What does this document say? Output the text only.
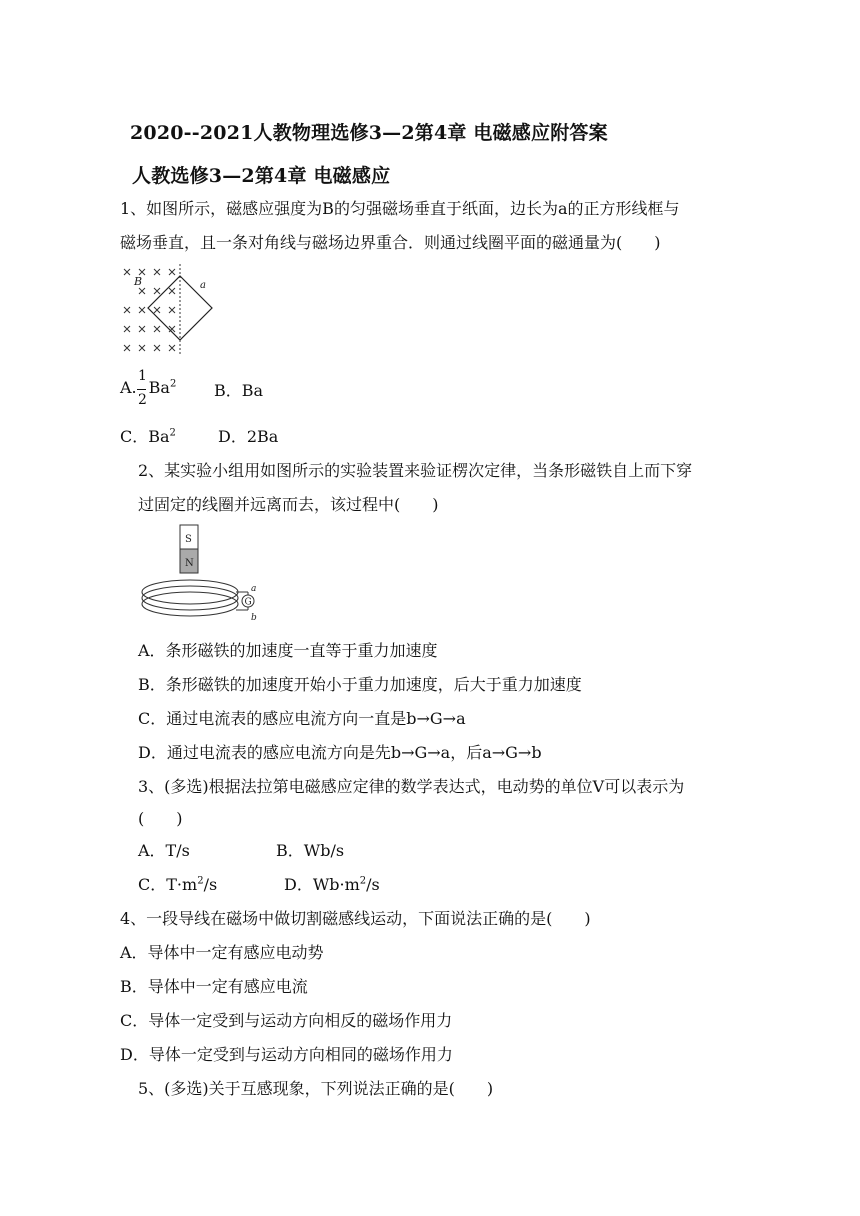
2020--2021人教物理选修3—2第4章 电磁感应附答案
人教选修3—2第4章 电磁感应
1、如图所示，磁感应强度为B的匀强磁场垂直于纸面，边长为a的正方形线框与
磁场垂直，且一条对角线与磁场边界重合．则通过线圈平面的磁通量为(　　)
B	a
A. Ba$^2$
1
2	B．Ba
C．Ba$^2$	D．2Ba
2、某实验小组用如图所示的实验装置来验证楞次定律，当条形磁铁自上而下穿
过固定的线圈并远离而去，该过程中(　　)
S
N
G
a
b
A．条形磁铁的加速度一直等于重力加速度
B．条形磁铁的加速度开始小于重力加速度，后大于重力加速度
C．通过电流表的感应电流方向一直是b→G→a
D．通过电流表的感应电流方向是先b→G→a，后a→G→b
3、(多选)根据法拉第电磁感应定律的数学表达式，电动势的单位V可以表示为
(　　)
A．T/s	B．Wb/s
C．$T\cdot m^2/s$	D．$Wb\cdot m^2/s$
4、一段导线在磁场中做切割磁感线运动，下面说法正确的是(　　)
A．导体中一定有感应电动势
B．导体中一定有感应电流
C．导体一定受到与运动方向相反的磁场作用力
D．导体一定受到与运动方向相同的磁场作用力
5、(多选)关于互感现象，下列说法正确的是(　　)
